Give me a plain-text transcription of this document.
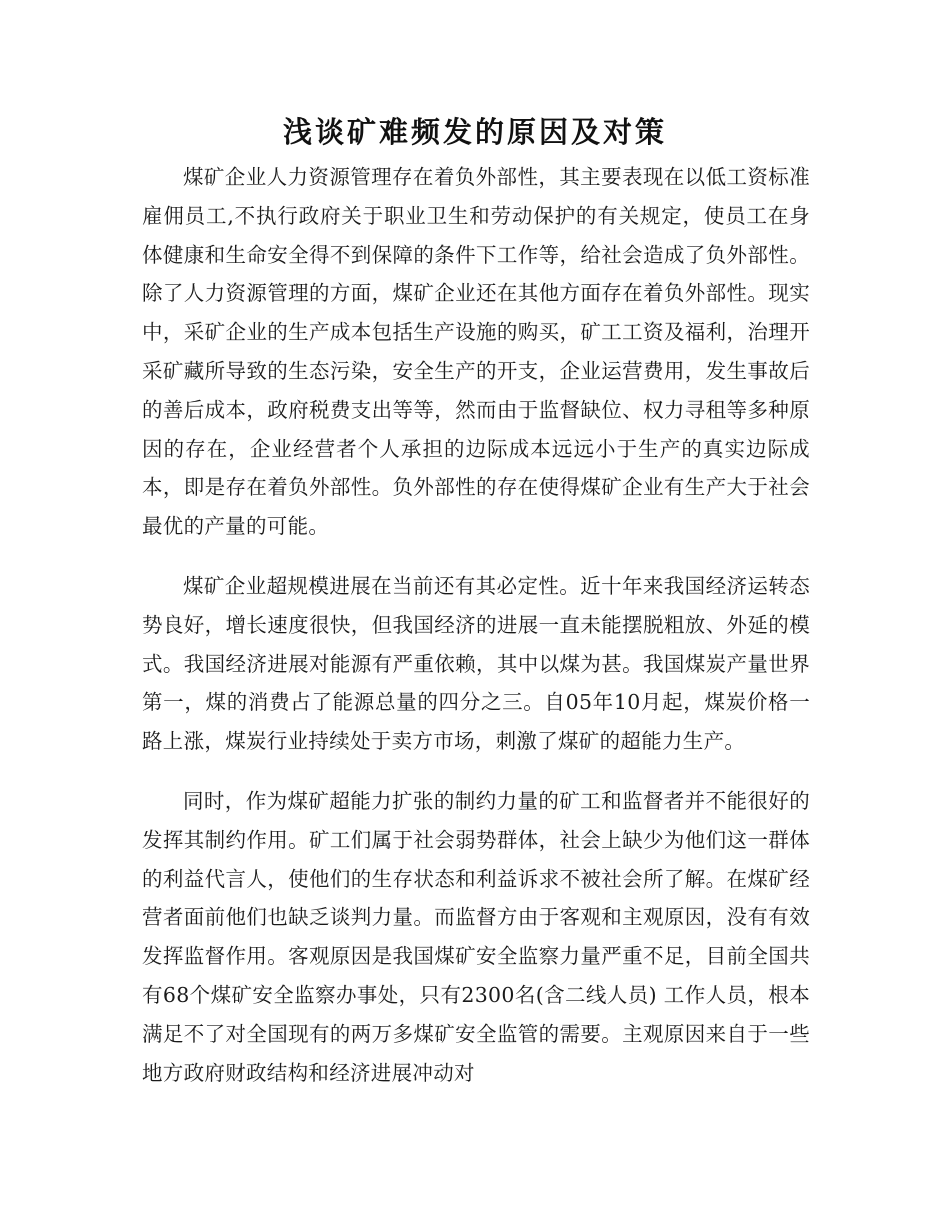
浅谈矿难频发的原因及对策

煤矿企业人力资源管理存在着负外部性，其主要表现在以低工资标准雇佣员工,不执行政府关于职业卫生和劳动保护的有关规定，使员工在身体健康和生命安全得不到保障的条件下工作等，给社会造成了负外部性。除了人力资源管理的方面，煤矿企业还在其他方面存在着负外部性。现实中，采矿企业的生产成本包括生产设施的购买，矿工工资及福利，治理开采矿藏所导致的生态污染，安全生产的开支，企业运营费用，发生事故后的善后成本，政府税费支出等等，然而由于监督缺位、权力寻租等多种原因的存在，企业经营者个人承担的边际成本远远小于生产的真实边际成本，即是存在着负外部性。负外部性的存在使得煤矿企业有生产大于社会最优的产量的可能。

煤矿企业超规模进展在当前还有其必定性。近十年来我国经济运转态势良好，增长速度很快，但我国经济的进展一直未能摆脱粗放、外延的模式。我国经济进展对能源有严重依赖，其中以煤为甚。我国煤炭产量世界第一，煤的消费占了能源总量的四分之三。自05年10月起，煤炭价格一路上涨，煤炭行业持续处于卖方市场，刺激了煤矿的超能力生产。

同时，作为煤矿超能力扩张的制约力量的矿工和监督者并不能很好的发挥其制约作用。矿工们属于社会弱势群体，社会上缺少为他们这一群体的利益代言人，使他们的生存状态和利益诉求不被社会所了解。在煤矿经营者面前他们也缺乏谈判力量。而监督方由于客观和主观原因，没有有效发挥监督作用。客观原因是我国煤矿安全监察力量严重不足，目前全国共有68个煤矿安全监察办事处，只有2300名(含二线人员) 工作人员，根本满足不了对全国现有的两万多煤矿安全监管的需要。主观原因来自于一些地方政府财政结构和经济进展冲动对
